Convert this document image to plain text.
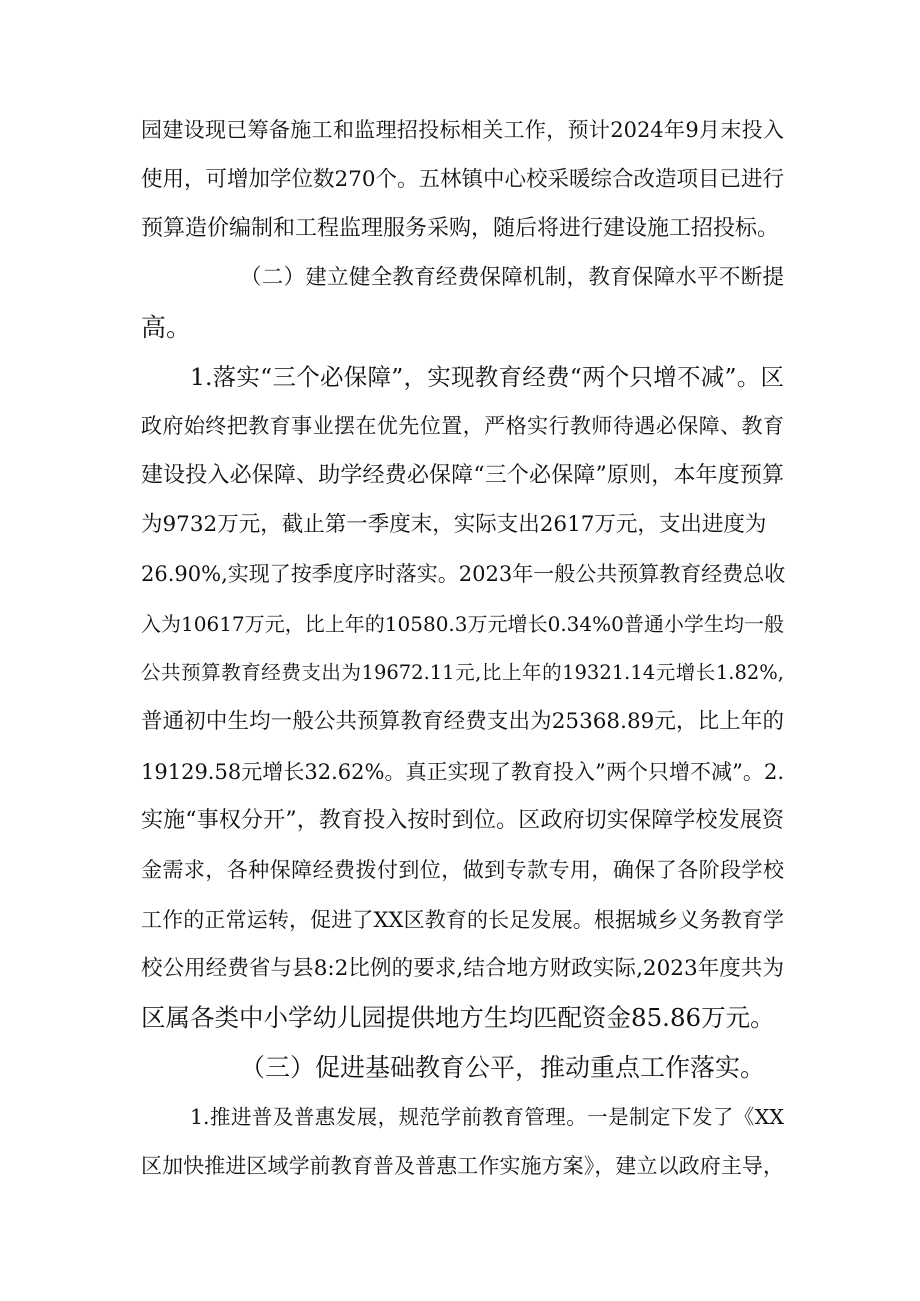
园建设现已筹备施工和监理招投标相关工作，预计2024年9月末投入
使用，可增加学位数270个。五林镇中心校采暖综合改造项目已进行
预算造价编制和工程监理服务采购，随后将进行建设施工招投标。
（二）建立健全教育经费保障机制，教育保障水平不断提
高。
1.落实“三个必保障”，实现教育经费“两个只增不减”。区
政府始终把教育事业摆在优先位置，严格实行教师待遇必保障、教育
建设投入必保障、助学经费必保障“三个必保障”原则，本年度预算
为9732万元，截止第一季度末，实际支出2617万元，支出进度为
26.90%,实现了按季度序时落实。2023年一般公共预算教育经费总收
入为10617万元，比上年的10580.3万元增长0.34%0普通小学生均一般
公共预算教育经费支出为19672.11元,比上年的19321.14元增长1.82%,
普通初中生均一般公共预算教育经费支出为25368.89元，比上年的
19129.58元增长32.62%。真正实现了教育投入”两个只增不减”。2.
实施“事权分开”，教育投入按时到位。区政府切实保障学校发展资
金需求，各种保障经费拨付到位，做到专款专用，确保了各阶段学校
工作的正常运转，促进了XX区教育的长足发展。根据城乡义务教育学
校公用经费省与县8:2比例的要求,结合地方财政实际,2023年度共为
区属各类中小学幼儿园提供地方生均匹配资金85.86万元。
（三）促进基础教育公平，推动重点工作落实。
1.推进普及普惠发展，规范学前教育管理。一是制定下发了《XX
区加快推进区域学前教育普及普惠工作实施方案》，建立以政府主导，
